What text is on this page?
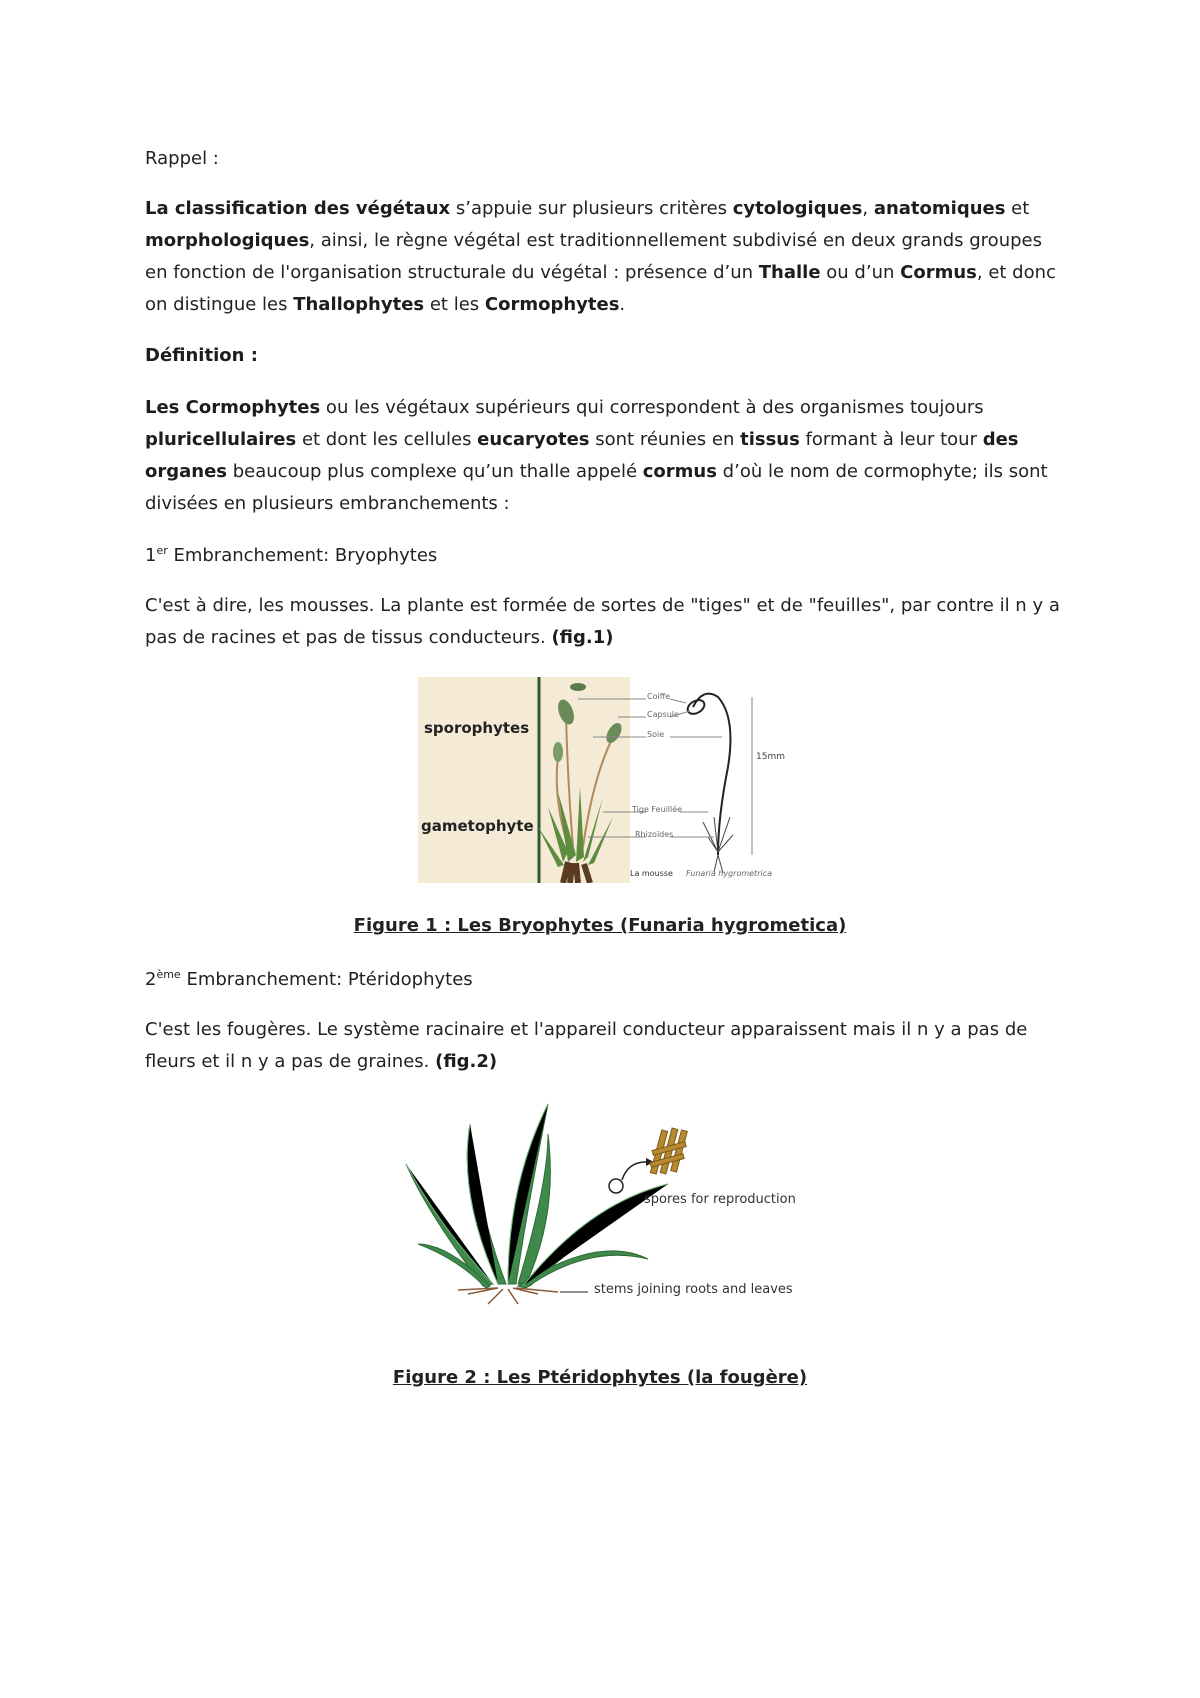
Rappel :

La classification des végétaux s’appuie sur plusieurs critères cytologiques, anatomiques et morphologiques, ainsi, le règne végétal est traditionnellement subdivisé en deux grands groupes en fonction de l'organisation structurale du végétal : présence d’un Thalle ou d’un Cormus, et donc on distingue les Thallophytes et les Cormophytes.

Définition :

Les Cormophytes ou les végétaux supérieurs qui correspondent à des organismes toujours pluricellulaires et dont les cellules eucaryotes sont réunies en tissus formant à leur tour des organes beaucoup plus complexe qu’un thalle appelé cormus d’où le nom de cormophyte; ils sont divisées en plusieurs embranchements :

1er Embranchement: Bryophytes

C'est à dire, les mousses. La plante est formée de sortes de "tiges" et de "feuilles", par contre il n y a pas de racines et pas de tissus conducteurs. (fig.1)

sporophytes
gametophyte
Coiffe
Capsule
Soie
15mm
Tige Feuillée
Rhizoïdes
La mousse Funaria hygrometrica
Figure 1 : Les Bryophytes (Funaria hygrometica)

2ème Embranchement: Ptéridophytes

C'est les fougères. Le système racinaire et l'appareil conducteur apparaissent mais il n y a pas de fleurs et il n y a pas de graines. (fig.2)

spores for reproduction
stems joining roots and leaves
Figure 2 : Les Ptéridophytes (la fougère)
